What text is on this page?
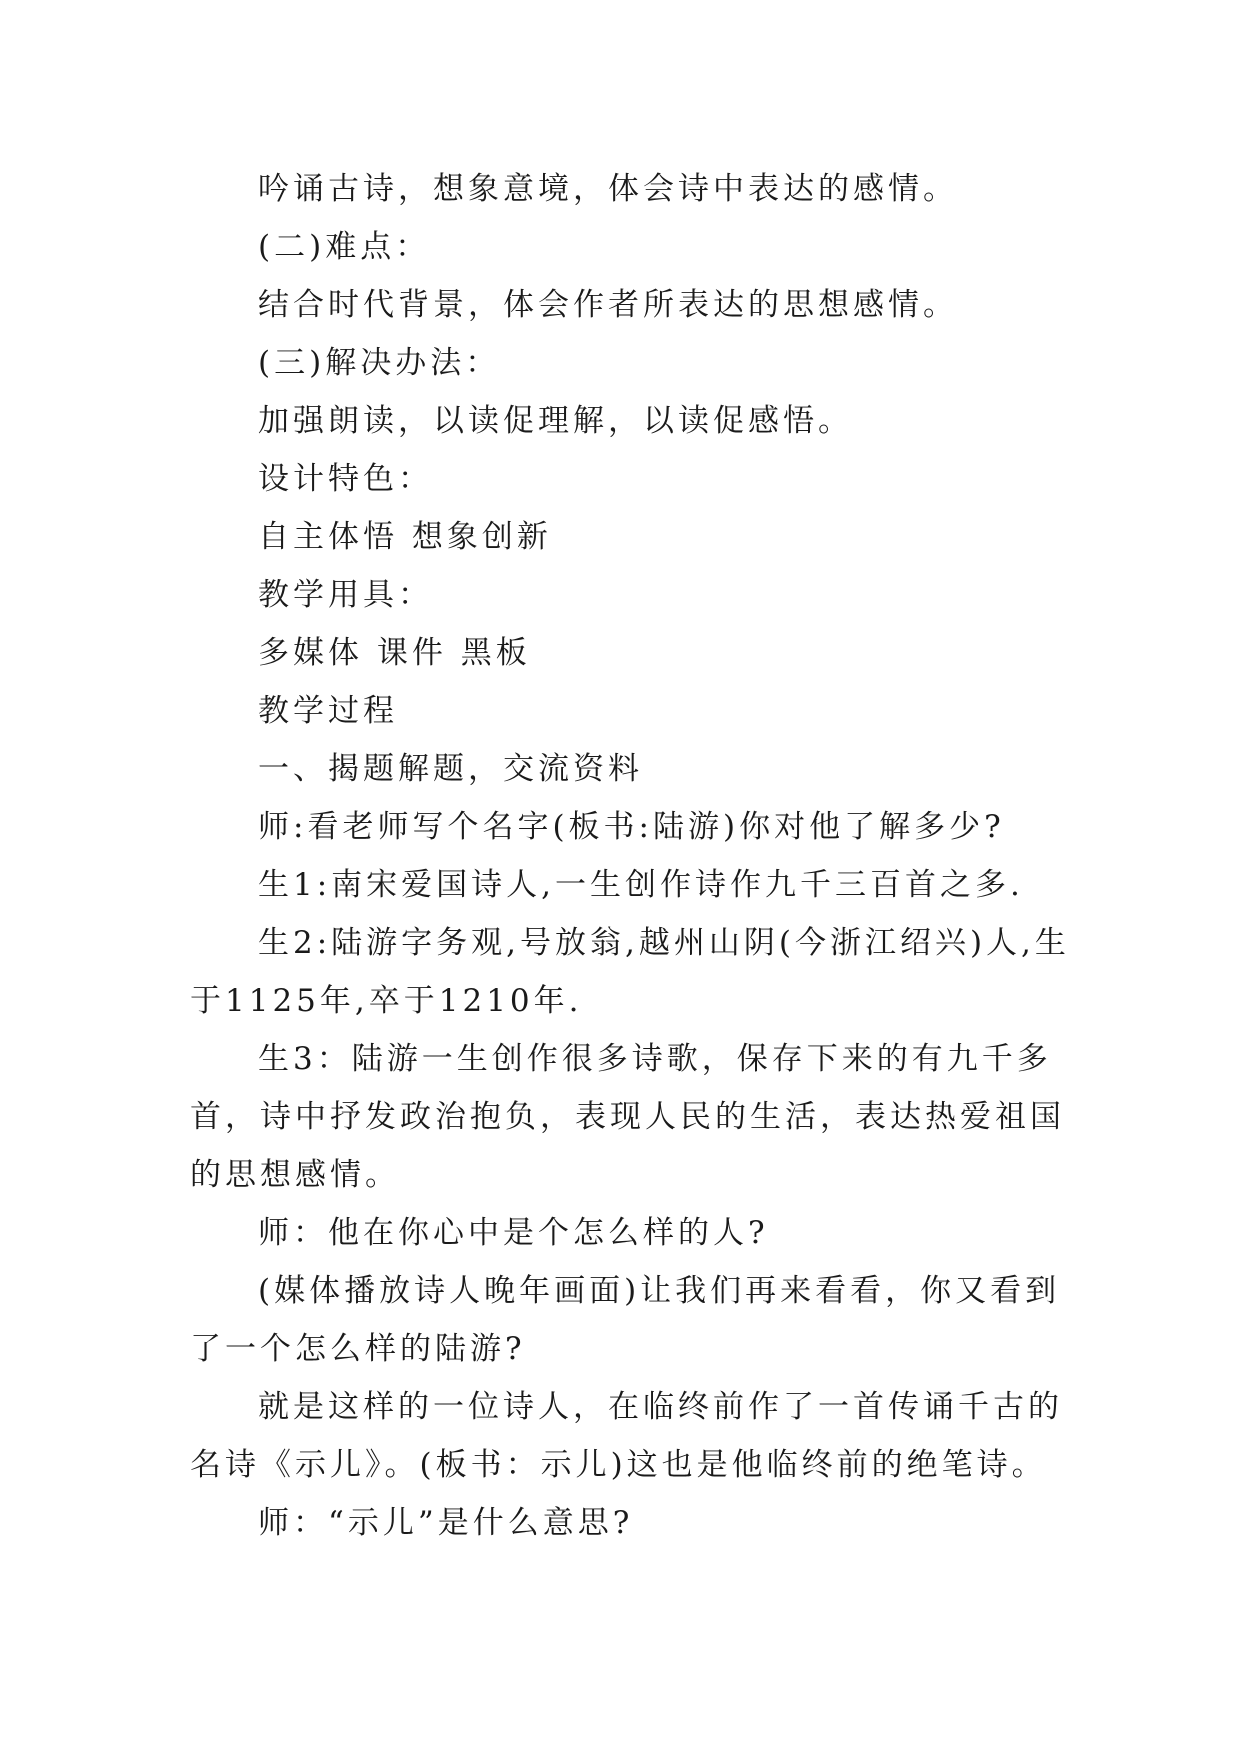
吟诵古诗，想象意境，体会诗中表达的感情。

(二)难点：

结合时代背景，体会作者所表达的思想感情。

(三)解决办法：

加强朗读，以读促理解，以读促感悟。

设计特色：

自主体悟 想象创新

教学用具：

多媒体 课件 黑板

教学过程

一、揭题解题，交流资料

师:看老师写个名字(板书:陆游)你对他了解多少?

生1:南宋爱国诗人,一生创作诗作九千三百首之多.

生2:陆游字务观,号放翁,越州山阴(今浙江绍兴)人,生于1125年,卒于1210年.

生3：陆游一生创作很多诗歌，保存下来的有九千多首，诗中抒发政治抱负，表现人民的生活，表达热爱祖国的思想感情。

师：他在你心中是个怎么样的人?

(媒体播放诗人晚年画面)让我们再来看看，你又看到了一个怎么样的陆游?

就是这样的一位诗人，在临终前作了一首传诵千古的名诗《示儿》。(板书：示儿)这也是他临终前的绝笔诗。

师：“示儿”是什么意思?
